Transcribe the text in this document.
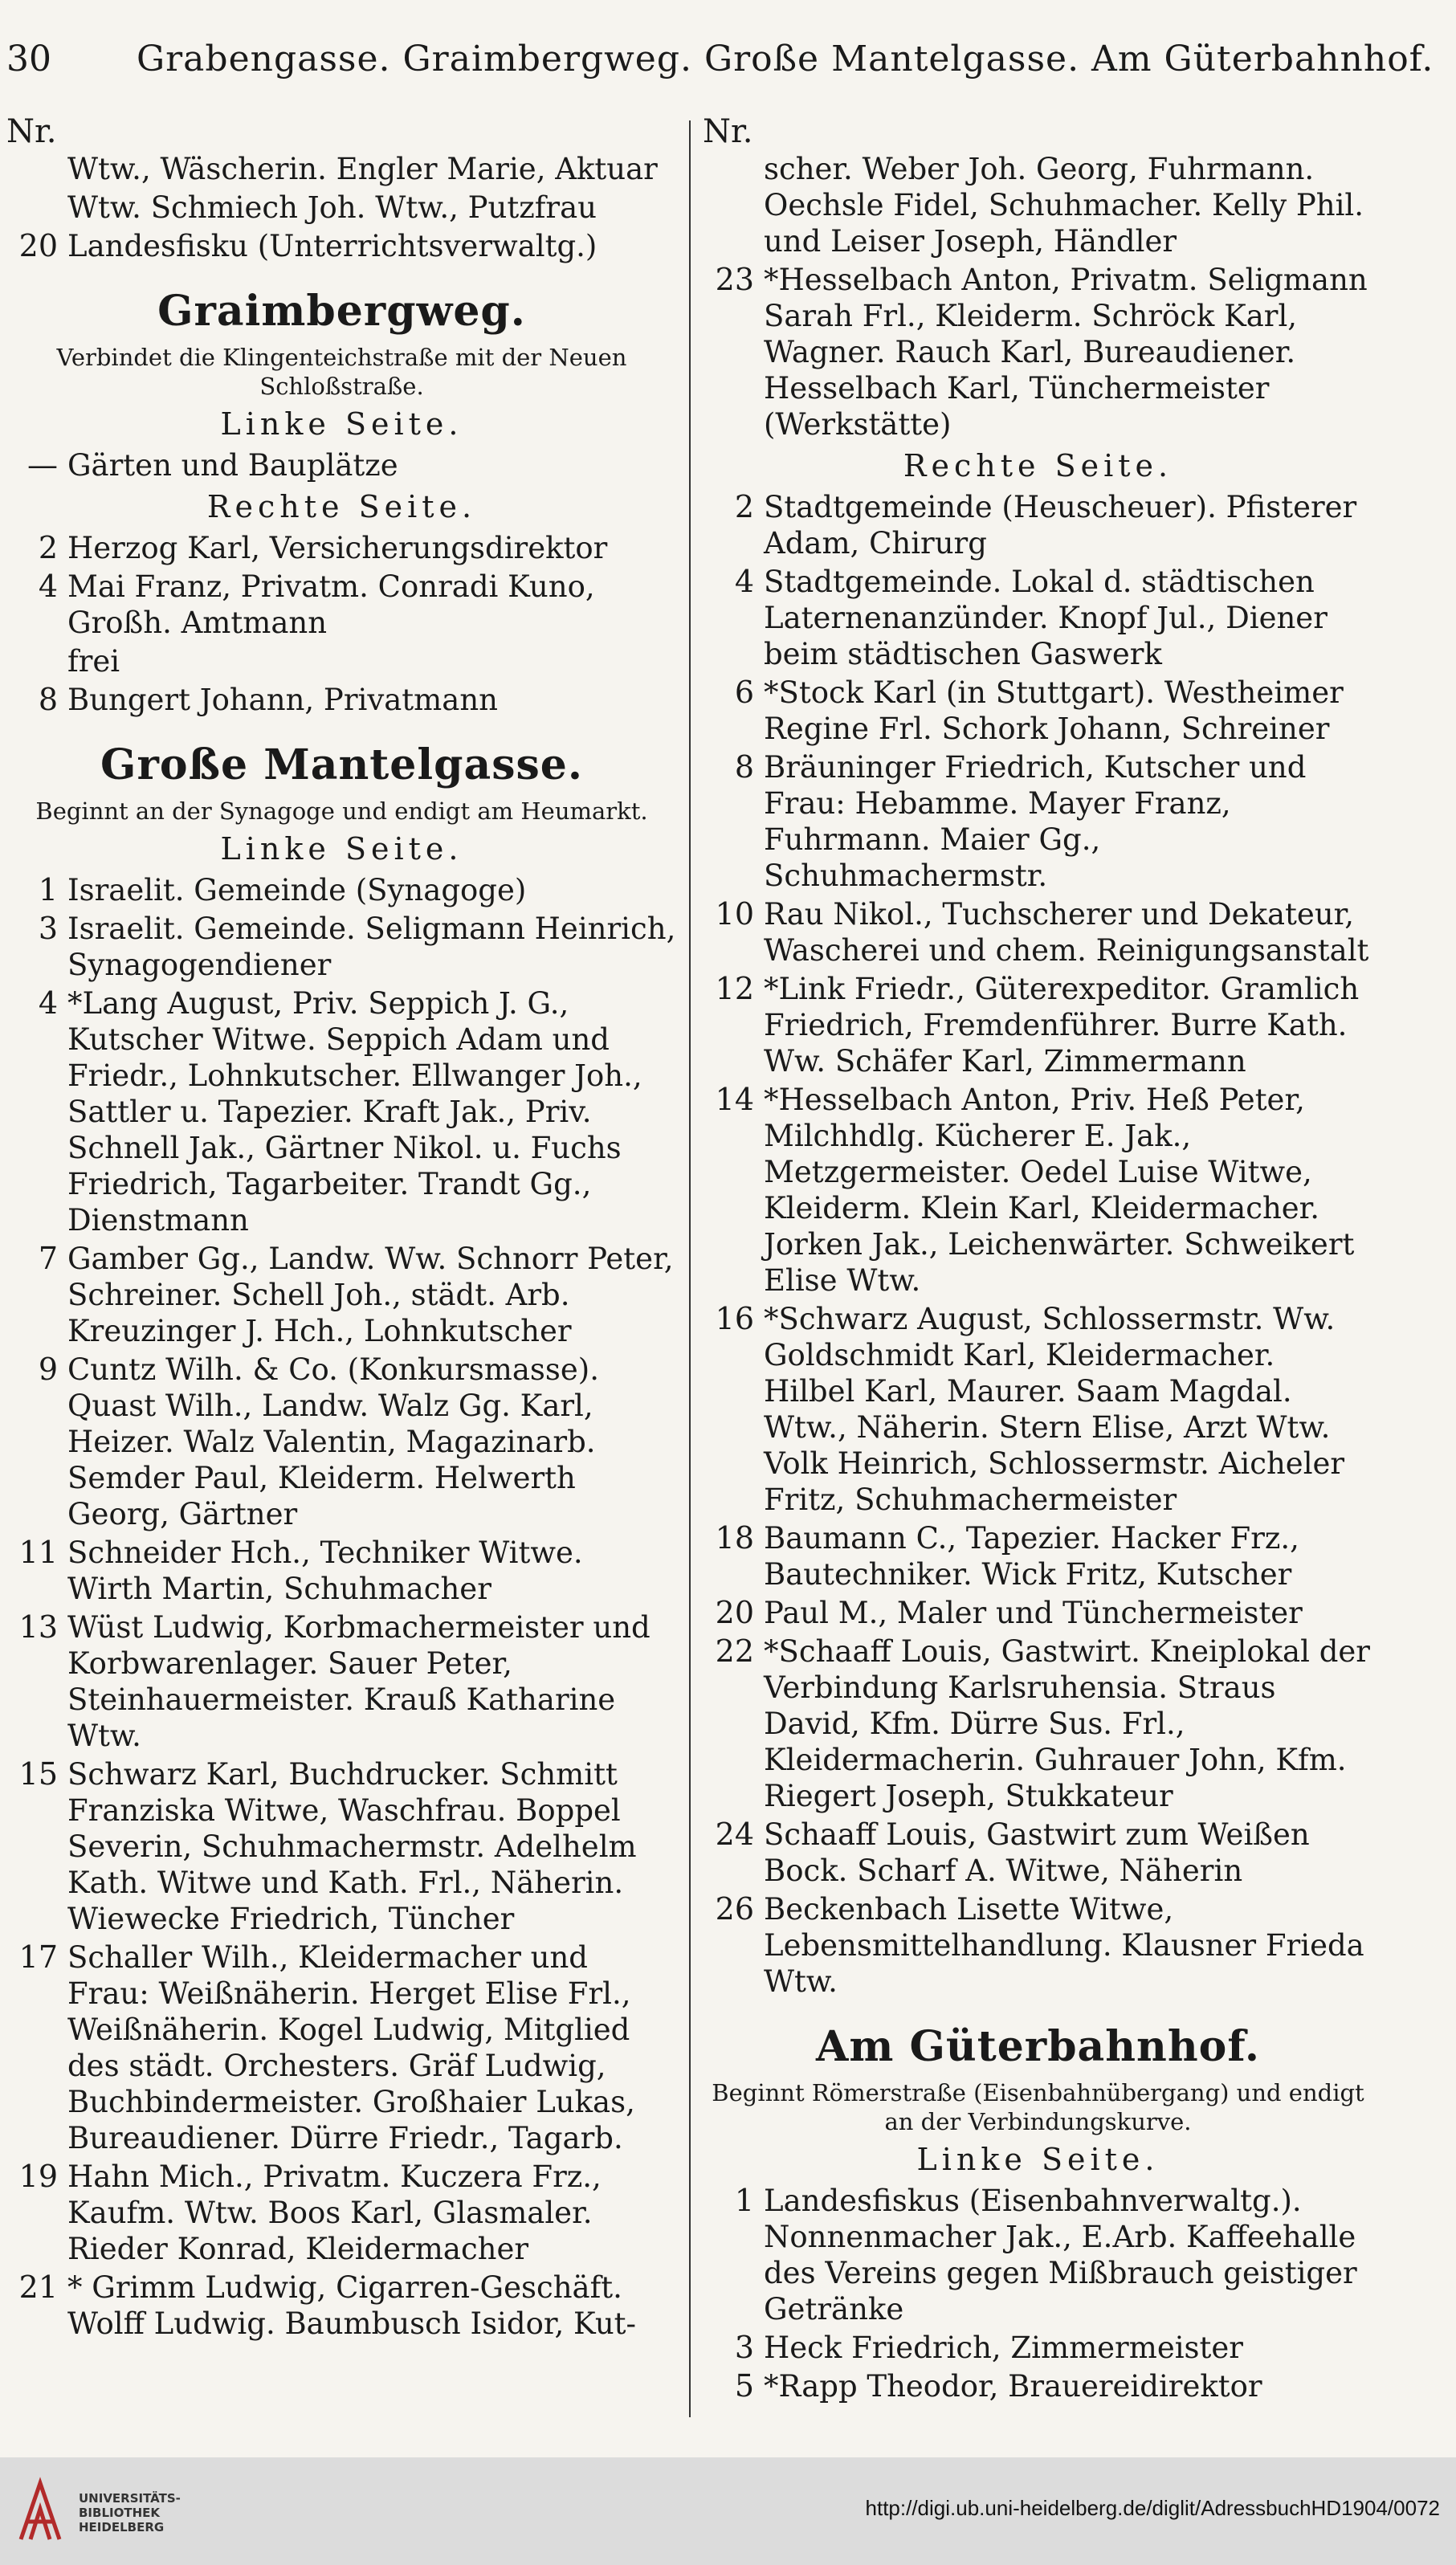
30 Grabengasse. Graimbergweg. Große Mantelgasse. Am Güterbahnhof.
Nr.
Wtw., Wäscherin. Engler Marie, Aktuar
Wtw. Schmiech Joh. Wtw., Putzfrau
20 Landesfisku (Unterrichtsverwaltg.)
Graimbergweg.
Verbindet die Klingenteichstraße mit der Neuen Schloßstraße.
Linke Seite.
— Gärten und Bauplätze
Rechte Seite.
2 Herzog Karl, Versicherungsdirektor
4 Mai Franz, Privatm. Conradi Kuno, Großh. Amtmann
frei
8 Bungert Johann, Privatmann
Große Mantelgasse.
Beginnt an der Synagoge und endigt am Heumarkt.
Linke Seite.
1 Israelit. Gemeinde (Synagoge)
3 Israelit. Gemeinde. Seligmann Heinrich, Synagogendiener
4 *Lang August, Priv. Seppich J. G., Kutscher Witwe. Seppich Adam und Friedr., Lohnkutscher. Ellwanger Joh., Sattler u. Tapezier. Kraft Jak., Priv. Schnell Jak., Gärtner Nikol. u. Fuchs Friedrich, Tagarbeiter. Trandt Gg., Dienstmann
7 Gamber Gg., Landw. Ww. Schnorr Peter, Schreiner. Schell Joh., städt. Arb. Kreuzinger J. Hch., Lohnkutscher
9 Cuntz Wilh. & Co. (Konkursmasse). Quast Wilh., Landw. Walz Gg. Karl, Heizer. Walz Valentin, Magazinarb. Semder Paul, Kleiderm. Helwerth Georg, Gärtner
11 Schneider Hch., Techniker Witwe. Wirth Martin, Schuhmacher
13 Wüst Ludwig, Korbmachermeister und Korbwarenlager. Sauer Peter, Steinhauermeister. Krauß Katharine Wtw.
15 Schwarz Karl, Buchdrucker. Schmitt Franziska Witwe, Waschfrau. Boppel Severin, Schuhmachermstr. Adelhelm Kath. Witwe und Kath. Frl., Näherin. Wiewecke Friedrich, Tüncher
17 Schaller Wilh., Kleidermacher und Frau: Weißnäherin. Herget Elise Frl., Weißnäherin. Kogel Ludwig, Mitglied des städt. Orchesters. Gräf Ludwig, Buchbindermeister. Großhaier Lukas, Bureaudiener. Dürre Friedr., Tagarb.
19 Hahn Mich., Privatm. Kuczera Frz., Kaufm. Wtw. Boos Karl, Glasmaler. Rieder Konrad, Kleidermacher
21 * Grimm Ludwig, Cigarren-Geschäft. Wolff Ludwig. Baumbusch Isidor, Kut-
Nr.
scher. Weber Joh. Georg, Fuhrmann. Oechsle Fidel, Schuhmacher. Kelly Phil. und Leiser Joseph, Händler
23 *Hesselbach Anton, Privatm. Seligmann Sarah Frl., Kleiderm. Schröck Karl, Wagner. Rauch Karl, Bureaudiener. Hesselbach Karl, Tünchermeister (Werkstätte)
Rechte Seite.
2 Stadtgemeinde (Heuscheuer). Pfisterer Adam, Chirurg
4 Stadtgemeinde. Lokal d. städtischen Laternenanzünder. Knopf Jul., Diener beim städtischen Gaswerk
6 *Stock Karl (in Stuttgart). Westheimer Regine Frl. Schork Johann, Schreiner
8 Bräuninger Friedrich, Kutscher und Frau: Hebamme. Mayer Franz, Fuhrmann. Maier Gg., Schuhmachermstr.
10 Rau Nikol., Tuchscherer und Dekateur, Wascherei und chem. Reinigungsanstalt
12 *Link Friedr., Güterexpeditor. Gramlich Friedrich, Fremdenführer. Burre Kath. Ww. Schäfer Karl, Zimmermann
14 *Hesselbach Anton, Priv. Heß Peter, Milchhdlg. Kücherer E. Jak., Metzgermeister. Oedel Luise Witwe, Kleiderm. Klein Karl, Kleidermacher. Jorken Jak., Leichenwärter. Schweikert Elise Wtw.
16 *Schwarz August, Schlossermstr. Ww. Goldschmidt Karl, Kleidermacher. Hilbel Karl, Maurer. Saam Magdal. Wtw., Näherin. Stern Elise, Arzt Wtw. Volk Heinrich, Schlossermstr. Aicheler Fritz, Schuhmachermeister
18 Baumann C., Tapezier. Hacker Frz., Bautechniker. Wick Fritz, Kutscher
20 Paul M., Maler und Tünchermeister
22 *Schaaff Louis, Gastwirt. Kneiplokal der Verbindung Karlsruhensia. Straus David, Kfm. Dürre Sus. Frl., Kleidermacherin. Guhrauer John, Kfm. Riegert Joseph, Stukkateur
24 Schaaff Louis, Gastwirt zum Weißen Bock. Scharf A. Witwe, Näherin
26 Beckenbach Lisette Witwe, Lebensmittelhandlung. Klausner Frieda Wtw.
Am Güterbahnhof.
Beginnt Römerstraße (Eisenbahnübergang) und endigt an der Verbindungskurve.
Linke Seite.
1 Landesfiskus (Eisenbahnverwaltg.). Nonnenmacher Jak., E.Arb. Kaffeehalle des Vereins gegen Mißbrauch geistiger Getränke
3 Heck Friedrich, Zimmermeister
5 *Rapp Theodor, Brauereidirektor
UNIVERSITÄTS-
BIBLIOTHEK
HEIDELBERG
http://digi.ub.uni-heidelberg.de/diglit/AdressbuchHD1904/0072
